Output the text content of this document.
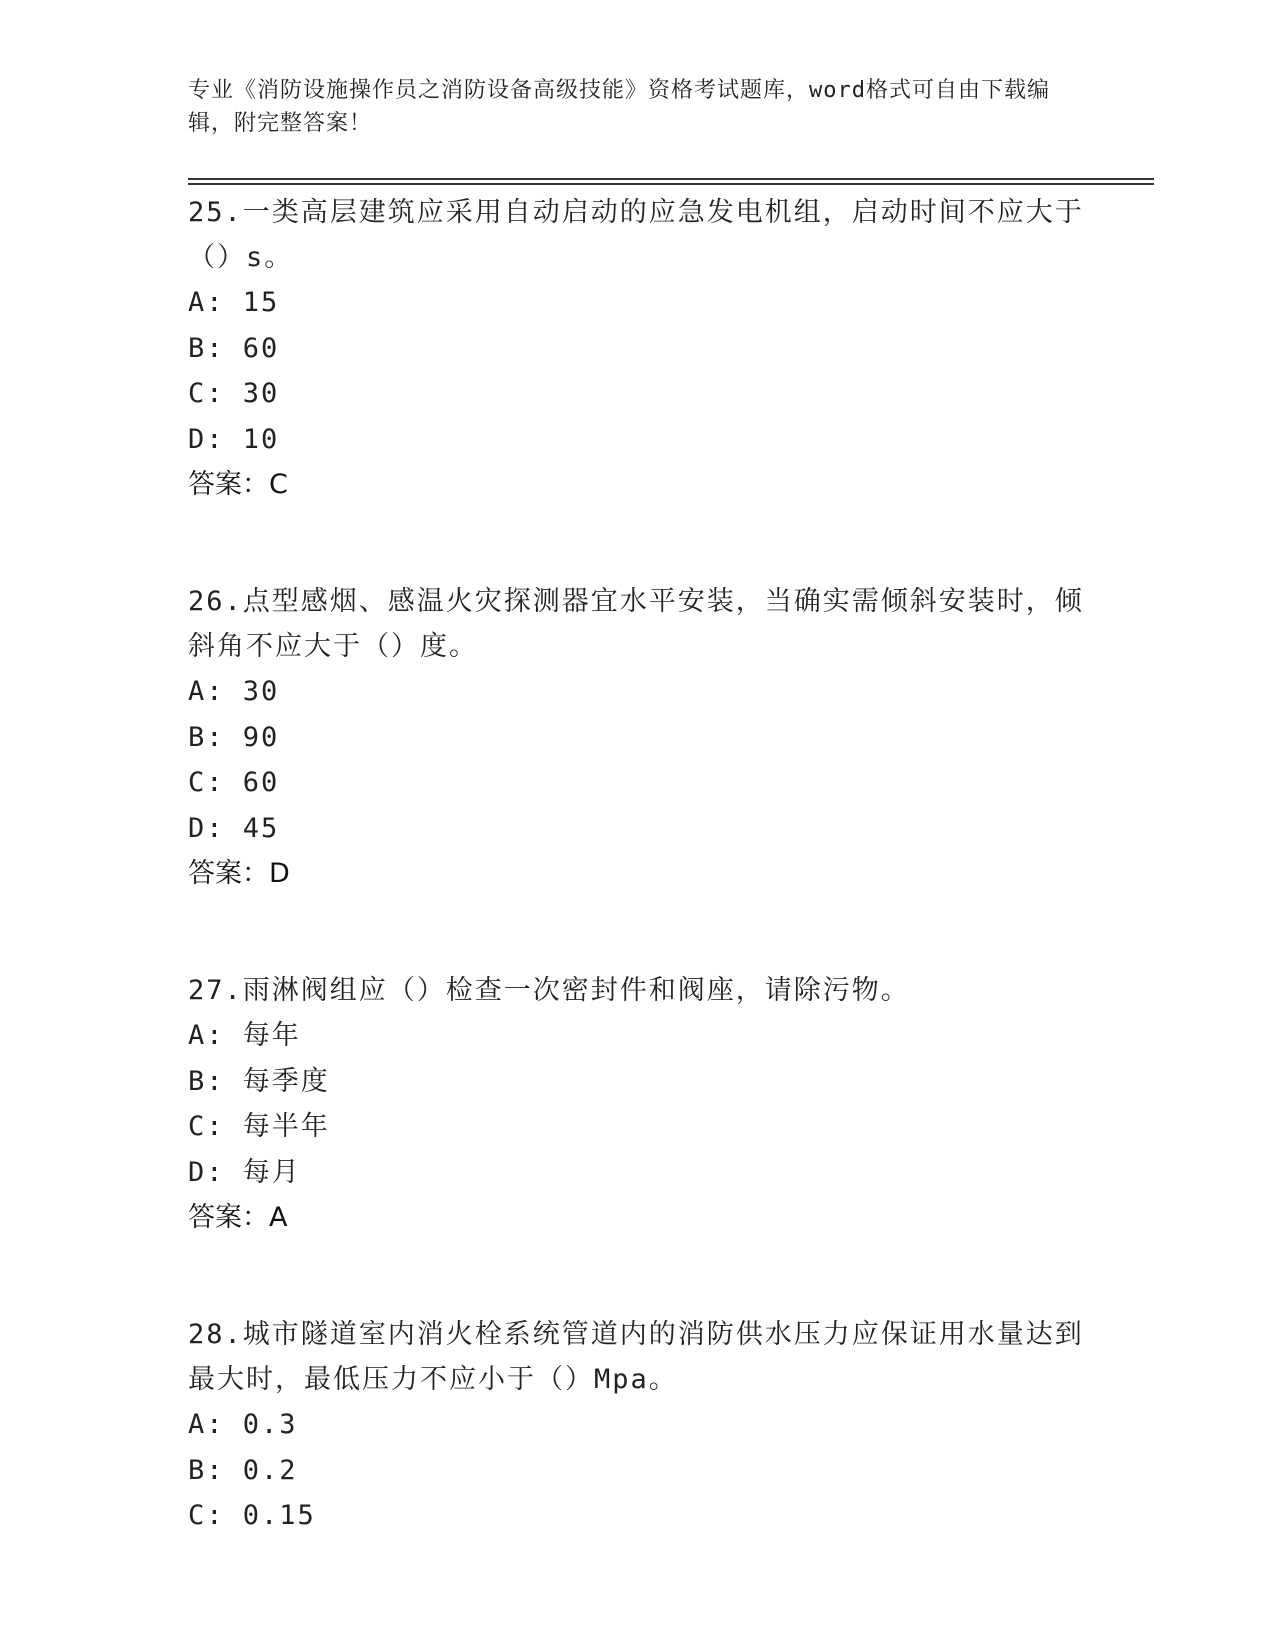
专业《消防设施操作员之消防设备高级技能》资格考试题库，word格式可自由下载编辑，附完整答案！

25.一类高层建筑应采用自动启动的应急发电机组，启动时间不应大于（）s。

A: 15

B: 60

C: 30

D: 10

答案：C

26.点型感烟、感温火灾探测器宜水平安装，当确实需倾斜安装时，倾斜角不应大于（）度。

A: 30

B: 90

C: 60

D: 45

答案：D

27.雨淋阀组应（）检查一次密封件和阀座，请除污物。

A: 每年

B: 每季度

C: 每半年

D: 每月

答案：A

28.城市隧道室内消火栓系统管道内的消防供水压力应保证用水量达到最大时，最低压力不应小于（）Mpa。

A: 0.3

B: 0.2

C: 0.15
